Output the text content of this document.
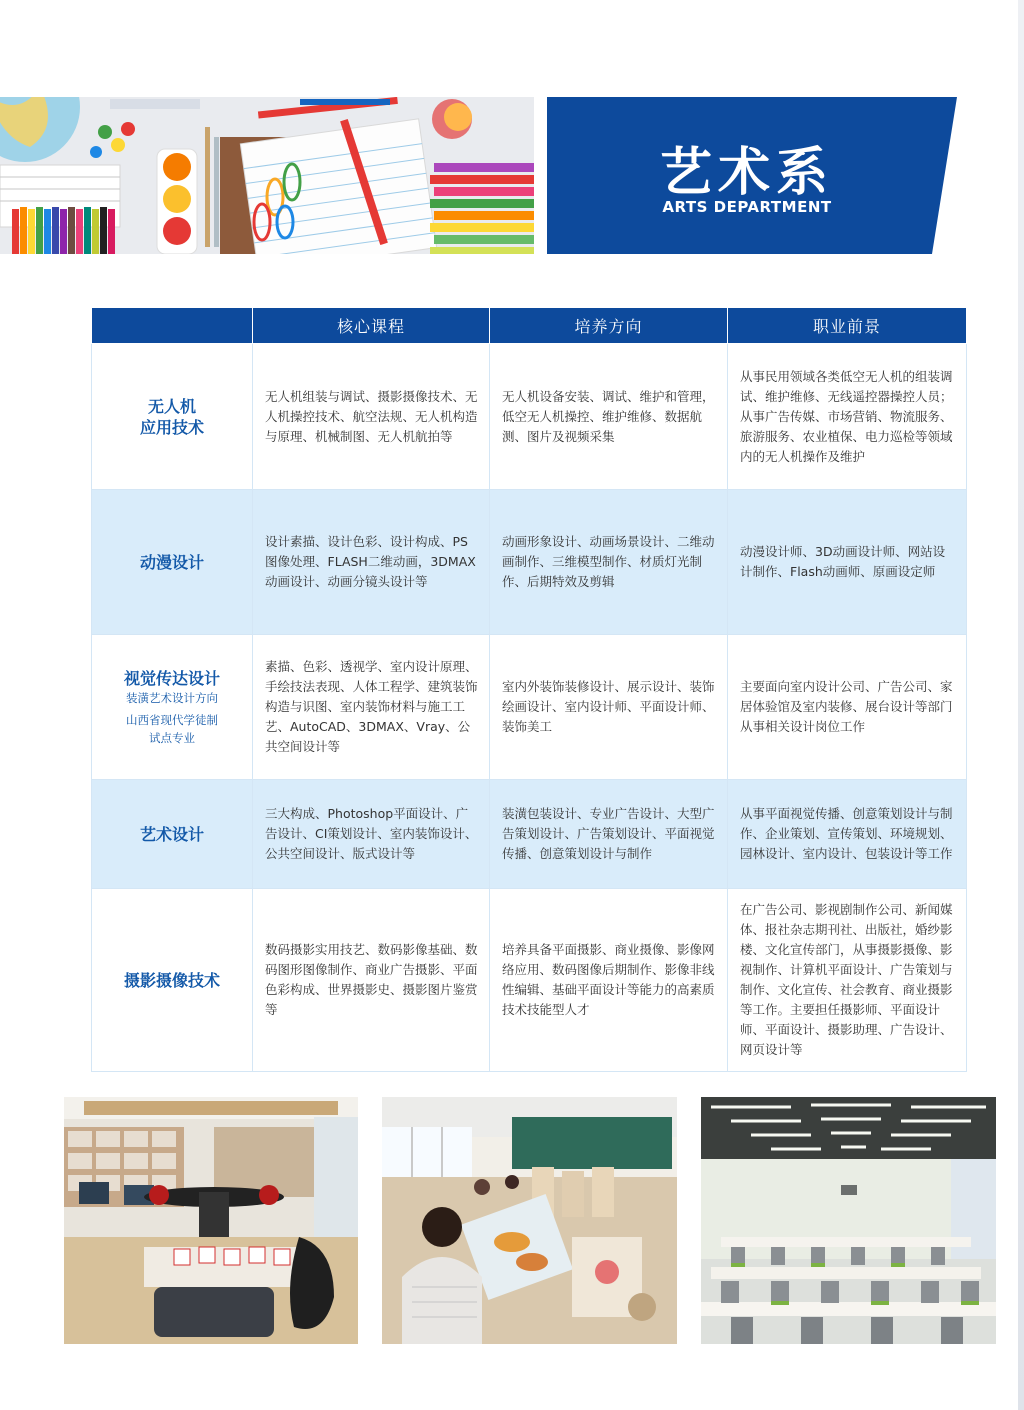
艺术系
ARTS DEPARTMENT
	核心课程	培养方向	职业前景

无人机
应用技术	无人机组装与调试、摄影摄像技术、无人机操控技术、航空法规、无人机构造与原理、机械制图、无人机航拍等	无人机设备安装、调试、维护和管理，低空无人机操控、维护维修、数据航测、图片及视频采集	从事民用领域各类低空无人机的组装调试、维护维修、无线遥控器操控人员；从事广告传媒、市场营销、物流服务、旅游服务、农业植保、电力巡检等领域内的无人机操作及维护

动漫设计	设计素描、设计色彩、设计构成、PS图像处理、FLASH二维动画，3DMAX动画设计、动画分镜头设计等	动画形象设计、动画场景设计、二维动画制作、三维模型制作、材质灯光制作、后期特效及剪辑	动漫设计师、3D动画设计师、网站设计制作、Flash动画师、原画设定师

视觉传达设计
装潢艺术设计方向
山西省现代学徒制
试点专业	素描、色彩、透视学、室内设计原理、手绘技法表现、人体工程学、建筑装饰构造与识图、室内装饰材料与施工工艺、AutoCAD、3DMAX、Vray、公共空间设计等	室内外装饰装修设计、展示设计、装饰绘画设计、室内设计师、平面设计师、装饰美工	主要面向室内设计公司、广告公司、家居体验馆及室内装修、展台设计等部门从事相关设计岗位工作

艺术设计	三大构成、Photoshop平面设计、广告设计、CI策划设计、室内装饰设计、公共空间设计、版式设计等	装潢包装设计、专业广告设计、大型广告策划设计、广告策划设计、平面视觉传播、创意策划设计与制作	从事平面视觉传播、创意策划设计与制作、企业策划、宣传策划、环境规划、园林设计、室内设计、包装设计等工作

摄影摄像技术	数码摄影实用技艺、数码影像基础、数码图形图像制作、商业广告摄影、平面色彩构成、世界摄影史、摄影图片鉴赏等	培养具备平面摄影、商业摄像、影像网络应用、数码图像后期制作、影像非线性编辑、基础平面设计等能力的高素质技术技能型人才	在广告公司、影视剧制作公司、新闻媒体、报社杂志期刊社、出版社，婚纱影楼、文化宣传部门，从事摄影摄像、影视制作、计算机平面设计、广告策划与制作、文化宣传、社会教育、商业摄影等工作。主要担任摄影师、平面设计师、平面设计、摄影助理、广告设计、网页设计等
